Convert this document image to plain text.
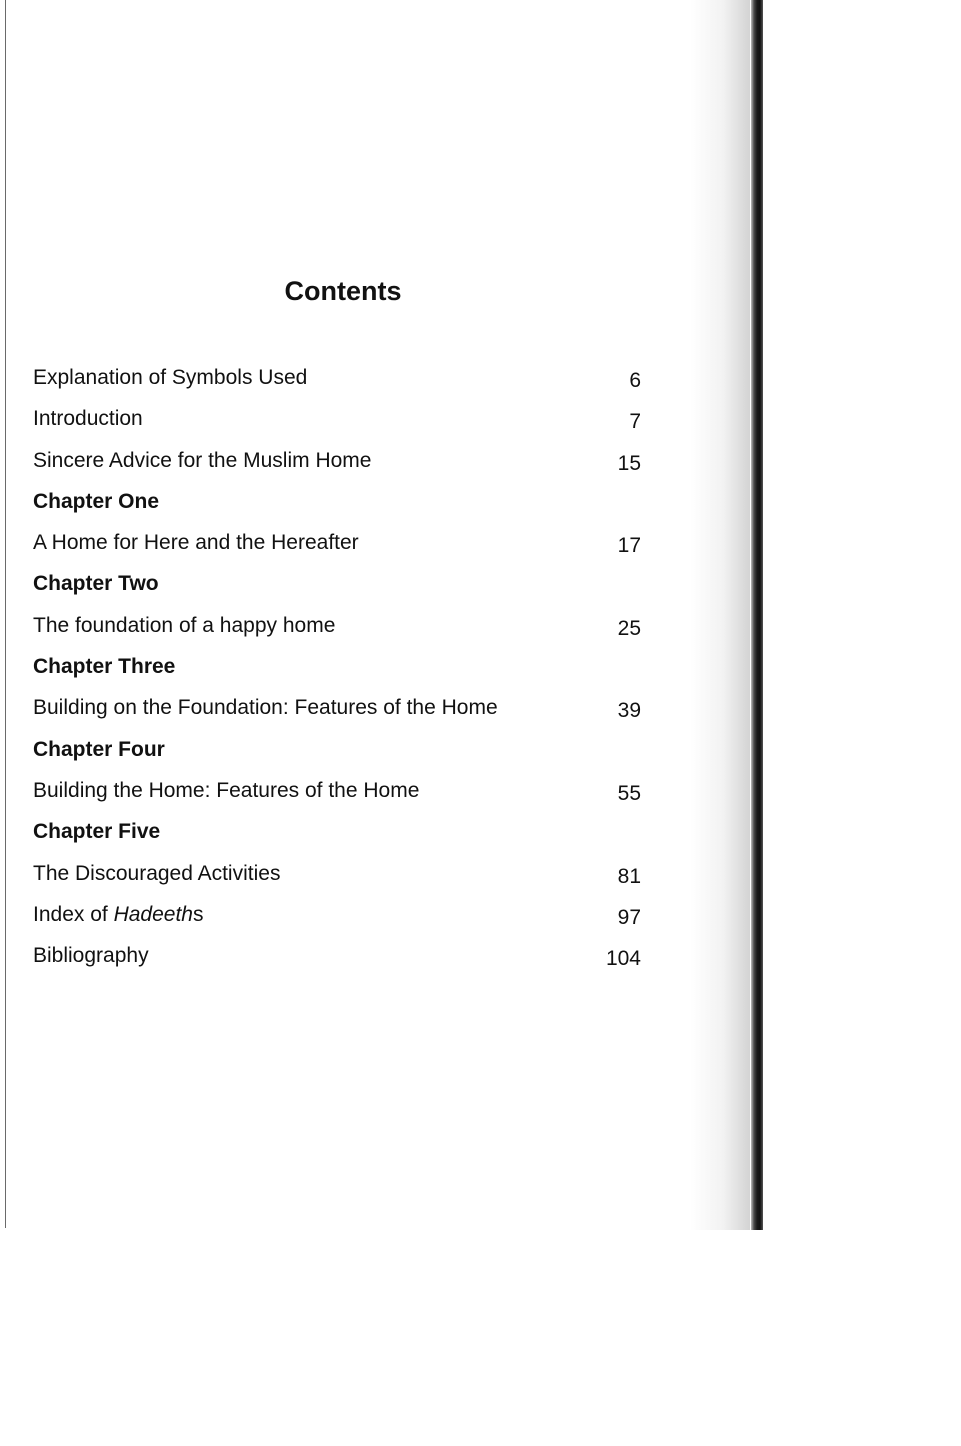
Contents
Explanation of Symbols Used	6
Introduction	7
Sincere Advice for the Muslim Home	15
Chapter One
A Home for Here and the Hereafter	17
Chapter Two
The foundation of a happy home	25
Chapter Three
Building on the Foundation: Features of the Home	39
Chapter Four
Building the Home: Features of the Home	55
Chapter Five
The Discouraged Activities	81
Index of Hadeeths	97
Bibliography	104
